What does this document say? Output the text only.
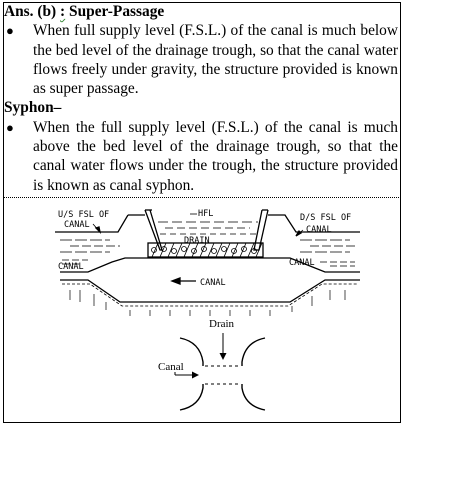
Ans. (b) : Super-Passage

● When full supply level (F.S.L.) of the canal is much below the bed level of the drainage trough, so that the canal water flows freely under gravity, the structure provided is known as super passage.

Syphon–

● When the full supply level (F.S.L.) of the canal is much above the bed level of the drainage trough, so that the canal water flows under the trough, the structure provided is known as canal syphon.

U/S FSL OF
CANAL
HFL
DRAIN
D/S FSL OF
CANAL
CANAL	CANAL
CANAL
Drain
Canal
